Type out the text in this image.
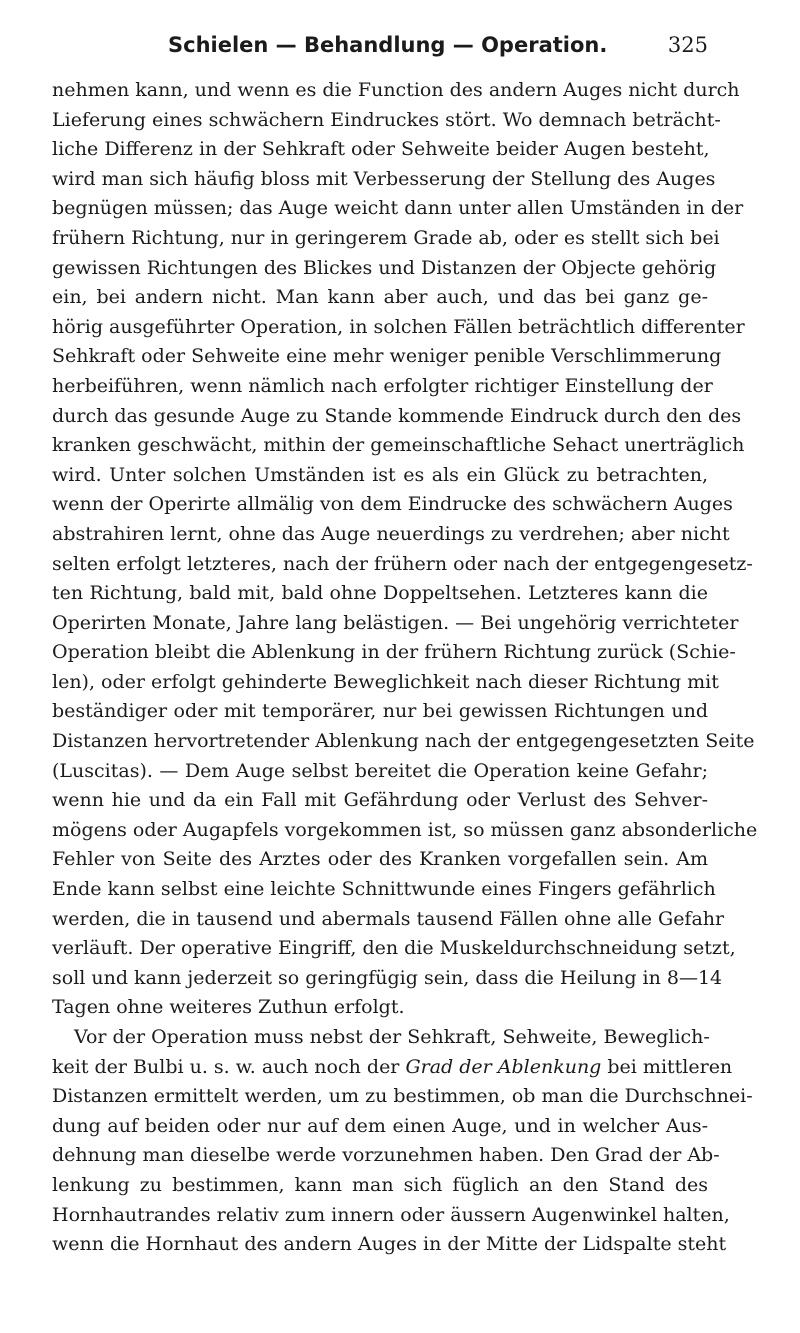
Schielen — Behandlung — Operation.	325
nehmen kann, und wenn es die Function des andern Auges nicht durch
Lieferung eines schwächern Eindruckes stört. Wo demnach beträcht-
liche Differenz in der Sehkraft oder Sehweite beider Augen besteht,
wird man sich häufig bloss mit Verbesserung der Stellung des Auges
begnügen müssen; das Auge weicht dann unter allen Umständen in der
frühern Richtung, nur in geringerem Grade ab, oder es stellt sich bei
gewissen Richtungen des Blickes und Distanzen der Objecte gehörig
ein, bei andern nicht. Man kann aber auch, und das bei ganz ge-
hörig ausgeführter Operation, in solchen Fällen beträchtlich differenter
Sehkraft oder Sehweite eine mehr weniger penible Verschlimmerung
herbeiführen, wenn nämlich nach erfolgter richtiger Einstellung der
durch das gesunde Auge zu Stande kommende Eindruck durch den des
kranken geschwächt, mithin der gemeinschaftliche Sehact unerträglich
wird. Unter solchen Umständen ist es als ein Glück zu betrachten,
wenn der Operirte allmälig von dem Eindrucke des schwächern Auges
abstrahiren lernt, ohne das Auge neuerdings zu verdrehen; aber nicht
selten erfolgt letzteres, nach der frühern oder nach der entgegengesetz-
ten Richtung, bald mit, bald ohne Doppeltsehen. Letzteres kann die
Operirten Monate, Jahre lang belästigen. — Bei ungehörig verrichteter
Operation bleibt die Ablenkung in der frühern Richtung zurück (Schie-
len), oder erfolgt gehinderte Beweglichkeit nach dieser Richtung mit
beständiger oder mit temporärer, nur bei gewissen Richtungen und
Distanzen hervortretender Ablenkung nach der entgegengesetzten Seite
(Luscitas). — Dem Auge selbst bereitet die Operation keine Gefahr;
wenn hie und da ein Fall mit Gefährdung oder Verlust des Sehver-
mögens oder Augapfels vorgekommen ist, so müssen ganz absonderliche
Fehler von Seite des Arztes oder des Kranken vorgefallen sein. Am
Ende kann selbst eine leichte Schnittwunde eines Fingers gefährlich
werden, die in tausend und abermals tausend Fällen ohne alle Gefahr
verläuft. Der operative Eingriff, den die Muskeldurchschneidung setzt,
soll und kann jederzeit so geringfügig sein, dass die Heilung in 8—14
Tagen ohne weiteres Zuthun erfolgt.
Vor der Operation muss nebst der Sehkraft, Sehweite, Beweglich-
keit der Bulbi u. s. w. auch noch der Grad der Ablenkung bei mittleren
Distanzen ermittelt werden, um zu bestimmen, ob man die Durchschnei-
dung auf beiden oder nur auf dem einen Auge, und in welcher Aus-
dehnung man dieselbe werde vorzunehmen haben. Den Grad der Ab-
lenkung zu bestimmen, kann man sich füglich an den Stand des
Hornhautrandes relativ zum innern oder äussern Augenwinkel halten,
wenn die Hornhaut des andern Auges in der Mitte der Lidspalte steht
